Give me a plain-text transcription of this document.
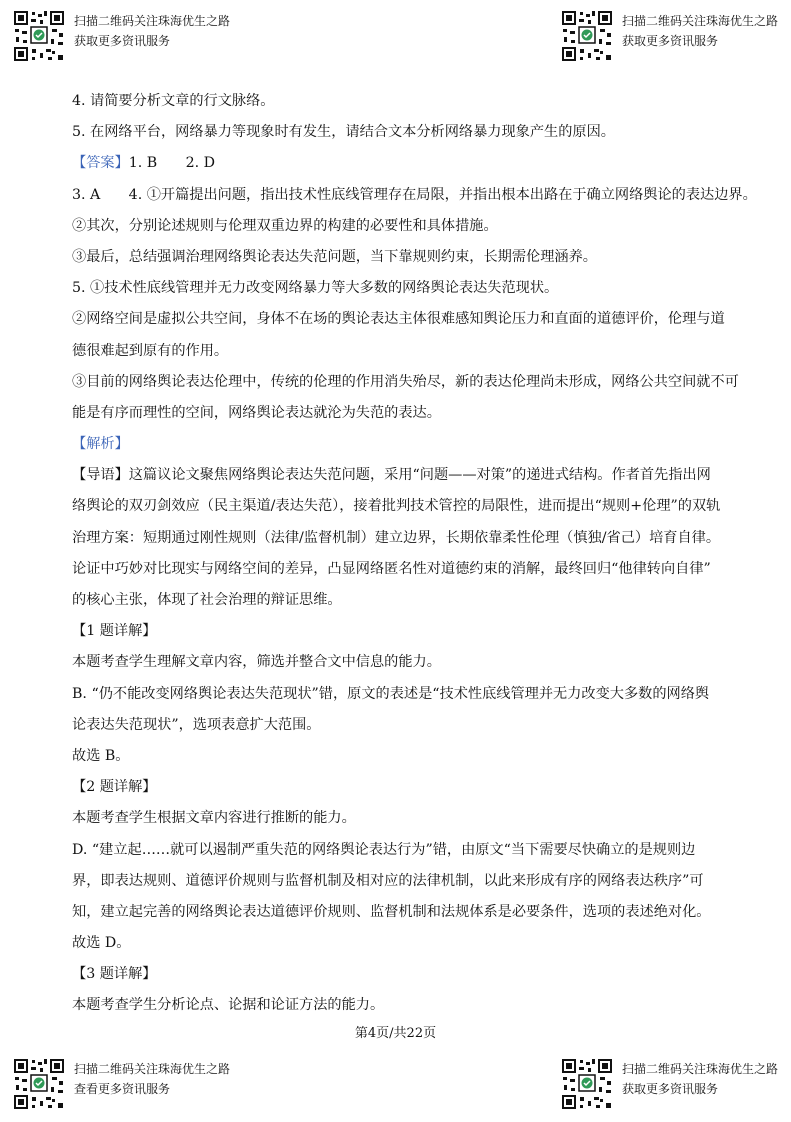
扫描二维码关注珠海优生之路
获取更多资讯服务
扫描二维码关注珠海优生之路
获取更多资讯服务
4. 请简要分析文章的行文脉络。
5. 在网络平台，网络暴力等现象时有发生，请结合文本分析网络暴力现象产生的原因。
【答案】1. B　　2. D
3. A　　4. ①开篇提出问题，指出技术性底线管理存在局限，并指出根本出路在于确立网络舆论的表达边界。
②其次，分别论述规则与伦理双重边界的构建的必要性和具体措施。
③最后，总结强调治理网络舆论表达失范问题，当下靠规则约束，长期需伦理涵养。
5. ①技术性底线管理并无力改变网络暴力等大多数的网络舆论表达失范现状。
②网络空间是虚拟公共空间，身体不在场的舆论表达主体很难感知舆论压力和直面的道德评价，伦理与道
德很难起到原有的作用。
③目前的网络舆论表达伦理中，传统的伦理的作用消失殆尽，新的表达伦理尚未形成，网络公共空间就不可
能是有序而理性的空间，网络舆论表达就沦为失范的表达。
【解析】
【导语】这篇议论文聚焦网络舆论表达失范问题，采用“问题——对策”的递进式结构。作者首先指出网
络舆论的双刃剑效应（民主渠道/表达失范），接着批判技术管控的局限性，进而提出“规则+伦理”的双轨
治理方案：短期通过刚性规则（法律/监督机制）建立边界，长期依靠柔性伦理（慎独/省己）培育自律。
论证中巧妙对比现实与网络空间的差异，凸显网络匿名性对道德约束的消解，最终回归“他律转向自律”
的核心主张，体现了社会治理的辩证思维。
【1 题详解】
本题考查学生理解文章内容，筛选并整合文中信息的能力。
B. “仍不能改变网络舆论表达失范现状”错，原文的表述是“技术性底线管理并无力改变大多数的网络舆
论表达失范现状”，选项表意扩大范围。
故选 B。
【2 题详解】
本题考查学生根据文章内容进行推断的能力。
D. “建立起……就可以遏制严重失范的网络舆论表达行为”错，由原文“当下需要尽快确立的是规则边
界，即表达规则、道德评价规则与监督机制及相对应的法律机制，以此来形成有序的网络表达秩序”可
知，建立起完善的网络舆论表达道德评价规则、监督机制和法规体系是必要条件，选项的表述绝对化。
故选 D。
【3 题详解】
本题考查学生分析论点、论据和论证方法的能力。
第4页/共22页
扫描二维码关注珠海优生之路
查看更多资讯服务
扫描二维码关注珠海优生之路
获取更多资讯服务
